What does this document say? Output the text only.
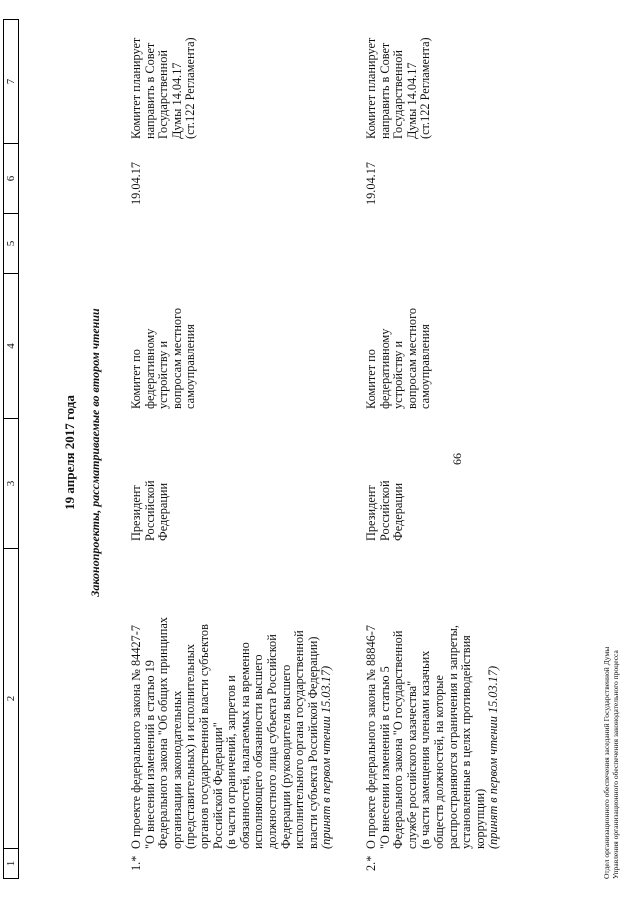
66
1
2
3
4
5
6
7
19 апреля 2017 года Законопроекты, рассматриваемые во втором чтении
1.*
О проекте федерального закона № 84427-7 "О внесении изменений в статью 19 Федерального закона "Об общих принципах организации законодательных (представительных) и исполнительных органов государственной власти субъектов Российской Федерации" (в части ограничений, запретов и обязанностей, налагаемых на временно исполняющего обязанности высшего должностного лица субъекта Российской Федерации (руководителя высшего исполнительного органа государственной власти субъекта Российской Федерации) (принят в первом чтении 15.03.17)
Президент Российской Федерации
Комитет по федеративному устройству и вопросам местного самоуправления
19.04.17
Комитет планирует направить в Совет Государственной Думы 14.04.17 (ст.122 Регламента)
2.*
О проекте федерального закона № 88846-7 "О внесении изменений в статью 5 Федерального закона "О государственной службе российского казачества" (в части замещения членами казачьих обществ должностей, на которые распространяются ограничения и запреты, установленные в целях противодействия коррупции) (принят в первом чтении 15.03.17)
Президент Российской Федерации
Комитет по федеративному устройству и вопросам местного самоуправления
19.04.17
Комитет планирует направить в Совет Государственной Думы 14.04.17 (ст.122 Регламента)
Отдел организационного обеспечения заседаний Государственной Думы Управления организационного обеспечения законодательного процесса
